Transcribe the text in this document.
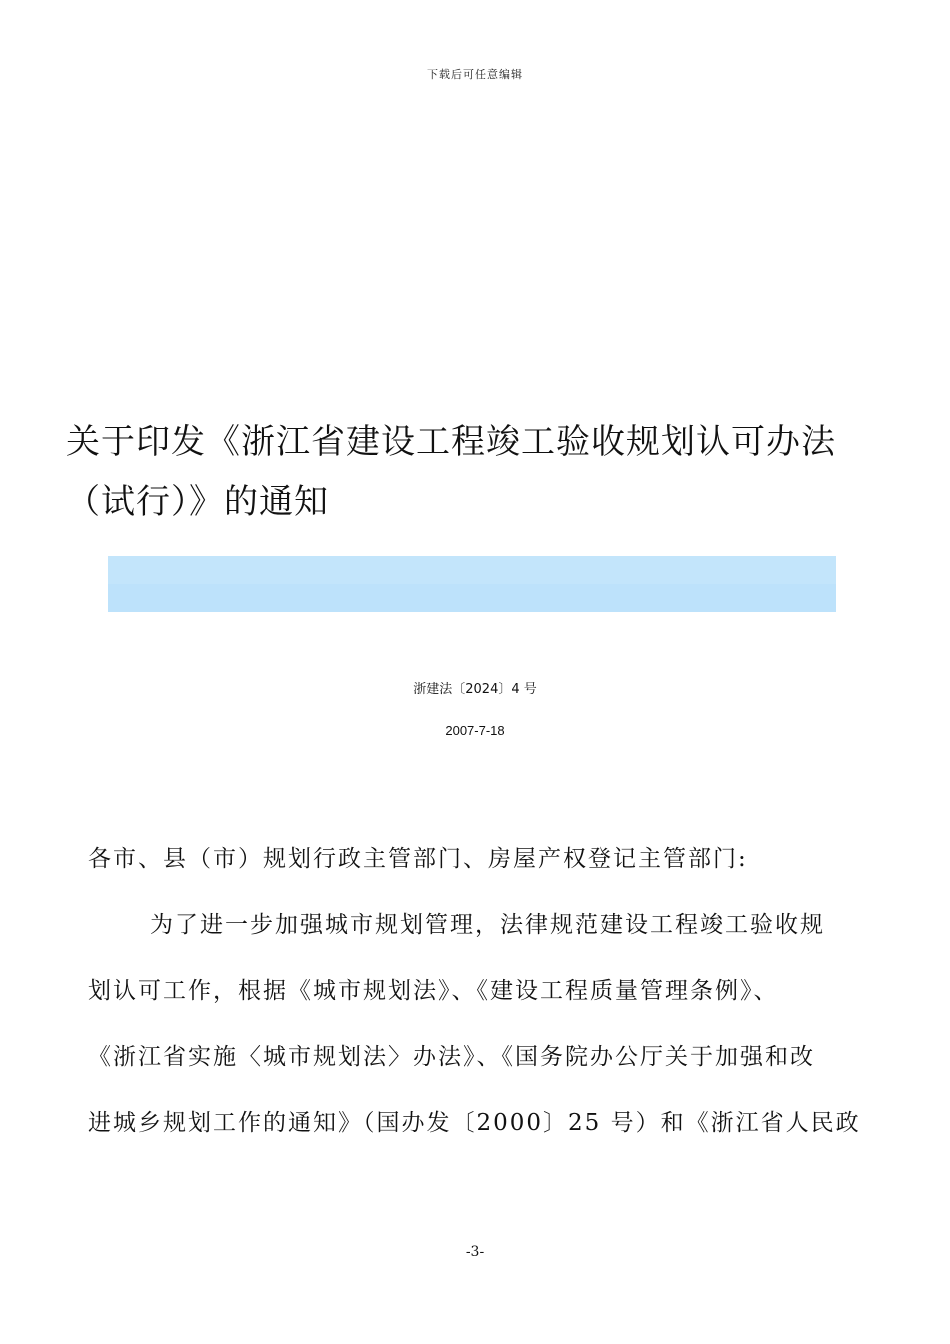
下载后可任意编辑
关于印发《浙江省建设工程竣工验收规划认可办法
（试行）》的通知
浙建法〔2024〕4 号
2007-7-18
各市、县（市）规划行政主管部门、房屋产权登记主管部门:
为了进一步加强城市规划管理，法律规范建设工程竣工验收规
划认可工作，根据《城市规划法》、《建设工程质量管理条例》、
《浙江省实施〈城市规划法〉办法》、《国务院办公厅关于加强和改
进城乡规划工作的通知》（国办发〔2000〕25 号）和《浙江省人民政
-3-
